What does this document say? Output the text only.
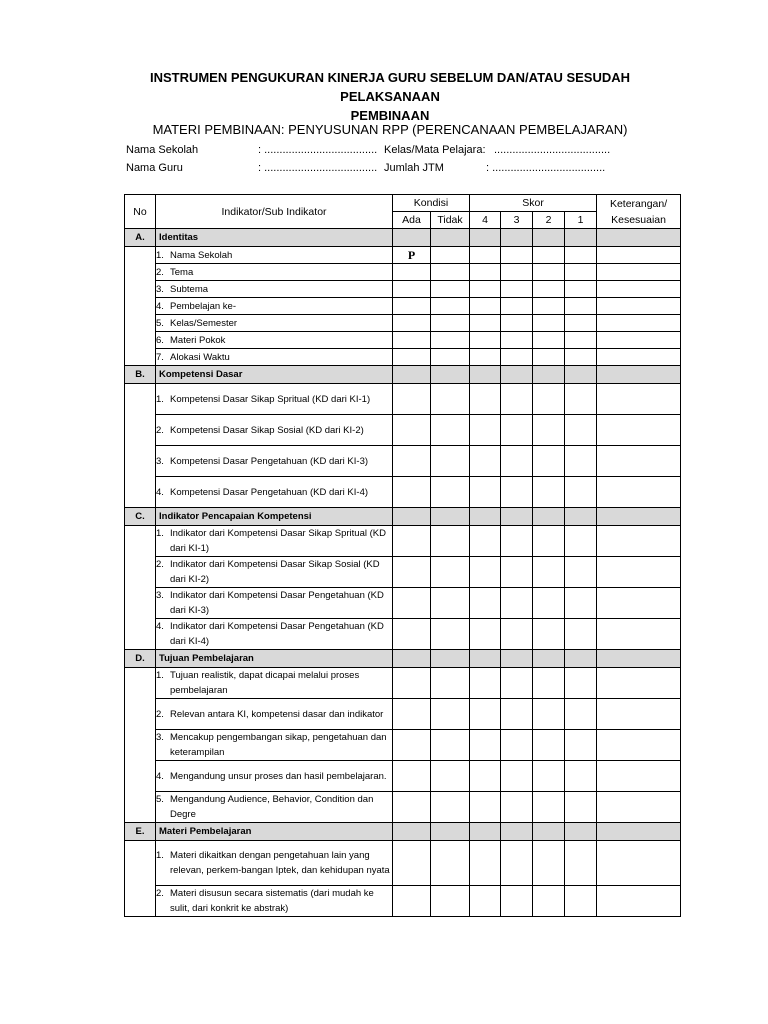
INSTRUMEN PENGUKURAN KINERJA GURU SEBELUM DAN/ATAU SESUDAH PELAKSANAAN
PEMBINAAN
MATERI PEMBINAAN: PENYUSUNAN RPP (PERENCANAAN PEMBELAJARAN)
Nama Sekolah	: ..................................... Kelas/Mata Pelajara: ......................................
Nama Guru	: ..................................... Jumlah JTM	: .....................................
No	Indikator/Sub Indikator	Kondisi		Skor				Keterangan/ Kesesuaian
		Ada	Tidak	4	3	2	1	
A.	Identitas							

	1. Nama Sekolah	P						

	2. Tema							

	3. Subtema							

	4. Pembelajan ke-							

	5. Kelas/Semester							

	6. Materi Pokok							

	7. Alokasi Waktu							

B.	Kompetensi Dasar							

	1. Kompetensi Dasar Sikap Spritual (KD dari KI-1)							

	2. Kompetensi Dasar Sikap Sosial (KD dari KI-2)							

	3. Kompetensi Dasar Pengetahuan (KD dari KI-3)							

	4. Kompetensi Dasar Pengetahuan (KD dari KI-4)							

C.	Indikator Pencapaian Kompetensi							

	1. Indikator dari Kompetensi Dasar Sikap Spritual (KD dari KI-1)							

	2. Indikator dari Kompetensi Dasar Sikap Sosial (KD dari KI-2)							

	3. Indikator dari Kompetensi Dasar Pengetahuan (KD dari KI-3)							

	4. Indikator dari Kompetensi Dasar Pengetahuan (KD dari KI-4)							

D.	Tujuan Pembelajaran							

	1. Tujuan realistik, dapat dicapai melalui proses pembelajaran							

	2. Relevan antara KI, kompetensi dasar dan indikator							

	3. Mencakup pengembangan sikap, pengetahuan dan keterampilan							

	4. Mengandung unsur proses dan hasil pembelajaran.							

	5. Mengandung Audience, Behavior, Condition dan Degre							

E.	Materi Pembelajaran							

	1. Materi dikaitkan dengan pengetahuan lain yang relevan, perkem-bangan Iptek, dan kehidupan nyata							

	2. Materi disusun secara sistematis (dari mudah ke sulit, dari konkrit ke abstrak)							
